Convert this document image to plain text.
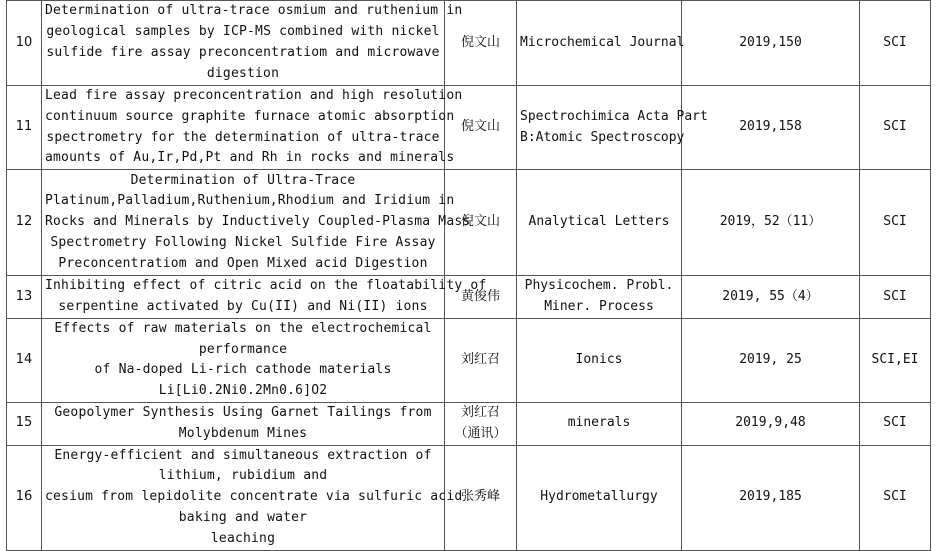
10	Determination of ultra-trace osmium and ruthenium in
geological samples by ICP-MS combined with nickel
sulfide fire assay preconcentratiom and microwave
digestion	倪文山	Microchemical Journal	2019,150	SCI
11	Lead fire assay preconcentration and high resolution
continuum source graphite furnace atomic absorption
spectrometry for the determination of ultra-trace
amounts of Au,Ir,Pd,Pt and Rh in rocks and minerals	倪文山	Spectrochimica Acta Part
B:Atomic Spectroscopy	2019,158	SCI
12	Determination of Ultra-Trace
Platinum,Palladium,Ruthenium,Rhodium and Iridium in
Rocks and Minerals by Inductively Coupled-Plasma Mass
Spectrometry Following Nickel Sulfide Fire Assay
Preconcentratiom and Open Mixed acid Digestion	倪文山	Analytical Letters	2019，52（11）	SCI
13	Inhibiting effect of citric acid on the floatability of
serpentine activated by Cu(II) and Ni(II) ions	黄俊伟	Physicochem. Probl.
Miner. Process	2019, 55（4）	SCI
14	Effects of raw materials on the electrochemical
performance
of Na-doped Li-rich cathode materials
Li[Li0.2Ni0.2Mn0.6]O2	刘红召	Ionics	2019, 25	SCI,EI
15	Geopolymer Synthesis Using Garnet Tailings from
Molybdenum Mines	刘红召（通讯）	minerals	2019,9,48	SCI
16	Energy-efficient and simultaneous extraction of
lithium, rubidium and
cesium from lepidolite concentrate via sulfuric acid
baking and water
leaching	张秀峰	Hydrometallurgy	2019,185	SCI
